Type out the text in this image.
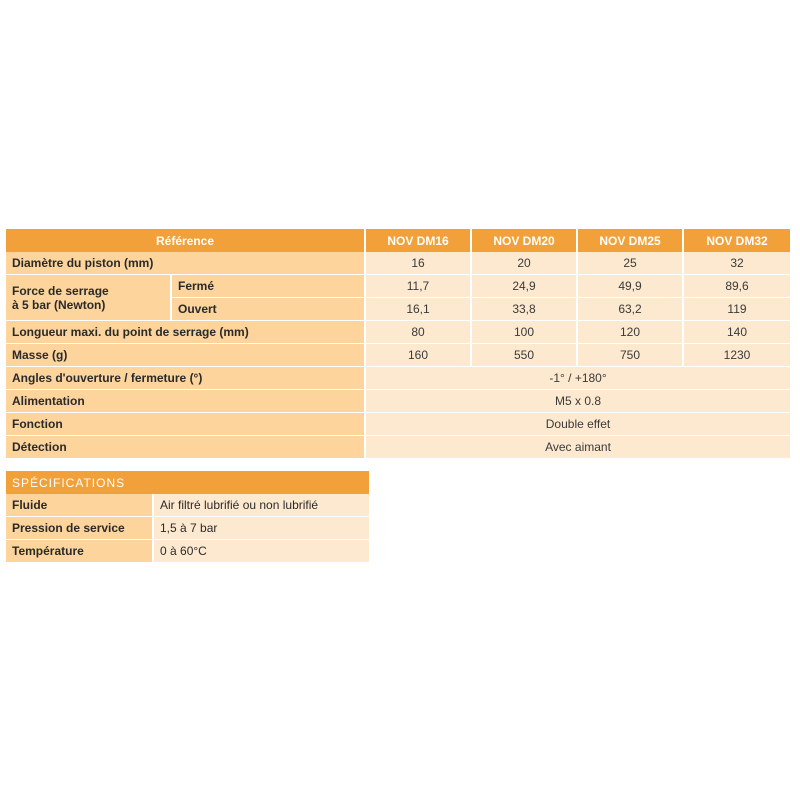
Référence		NOV DM16	NOV DM20	NOV DM25	NOV DM32
Diamètre du piston (mm)		16	20	25	32
Force de serrage
à 5 bar (Newton)	Fermé	11,7	24,9	49,9	89,6
	Ouvert	16,1	33,8	63,2	119
Longueur maxi. du point de serrage (mm)		80	100	120	140
Masse (g)		160	550	750	1230
Angles d'ouverture / fermeture (°)		-1° / +180°			
Alimentation		M5 x 0.8			
Fonction		Double effet			
Détection		Avec aimant			
SPÉCIFICATIONS	
Fluide	Air filtré lubrifié ou non lubrifié
Pression de service	1,5 à 7 bar
Température	0 à 60°C
